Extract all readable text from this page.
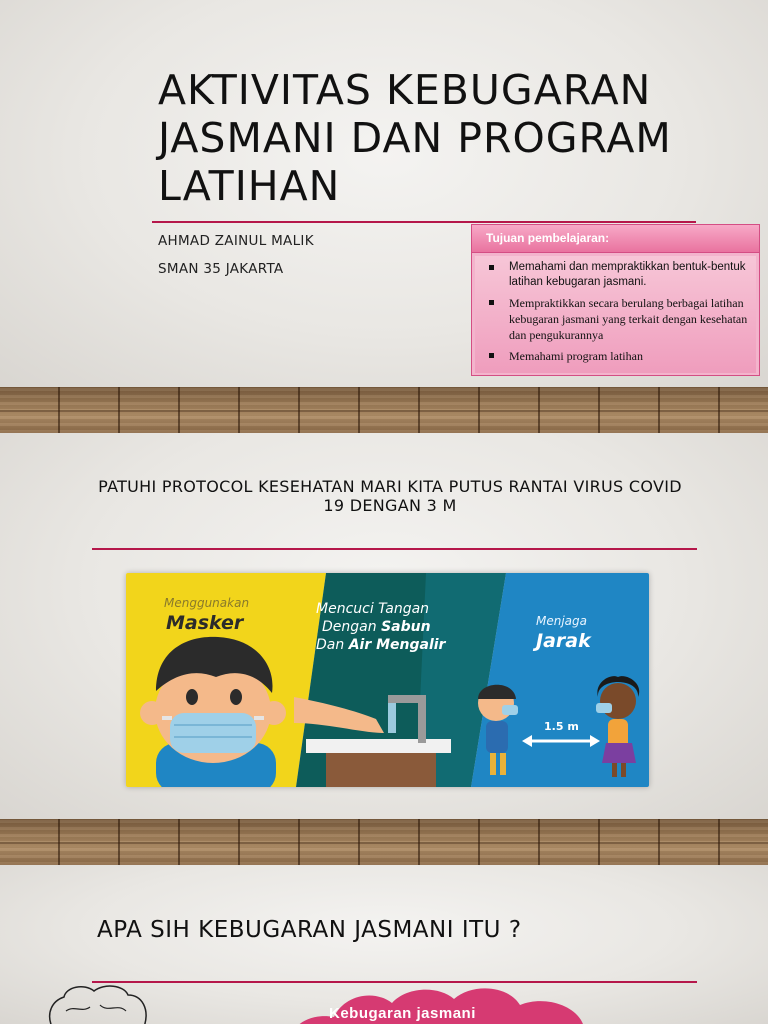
AKTIVITAS KEBUGARAN JASMANI DAN PROGRAM LATIHAN
AHMAD ZAINUL MALIK
SMAN 35 JAKARTA
Tujuan pembelajaran:
Memahami dan mempraktikkan bentuk-bentuk latihan kebugaran jasmani.
Mempraktikkan secara berulang berbagai latihan kebugaran jasmani yang terkait dengan kesehatan dan pengukurannya
Memahami program latihan
PATUHI PROTOCOL KESEHATAN MARI KITA PUTUS RANTAI VIRUS COVID 19 DENGAN 3 M
Menggunakan
Masker
Mencuci Tangan
Dengan Sabun
Dan Air Mengalir
Menjaga
Jarak
1.5 m
APA SIH KEBUGARAN JASMANI ITU ?
Kebugaran jasmani
